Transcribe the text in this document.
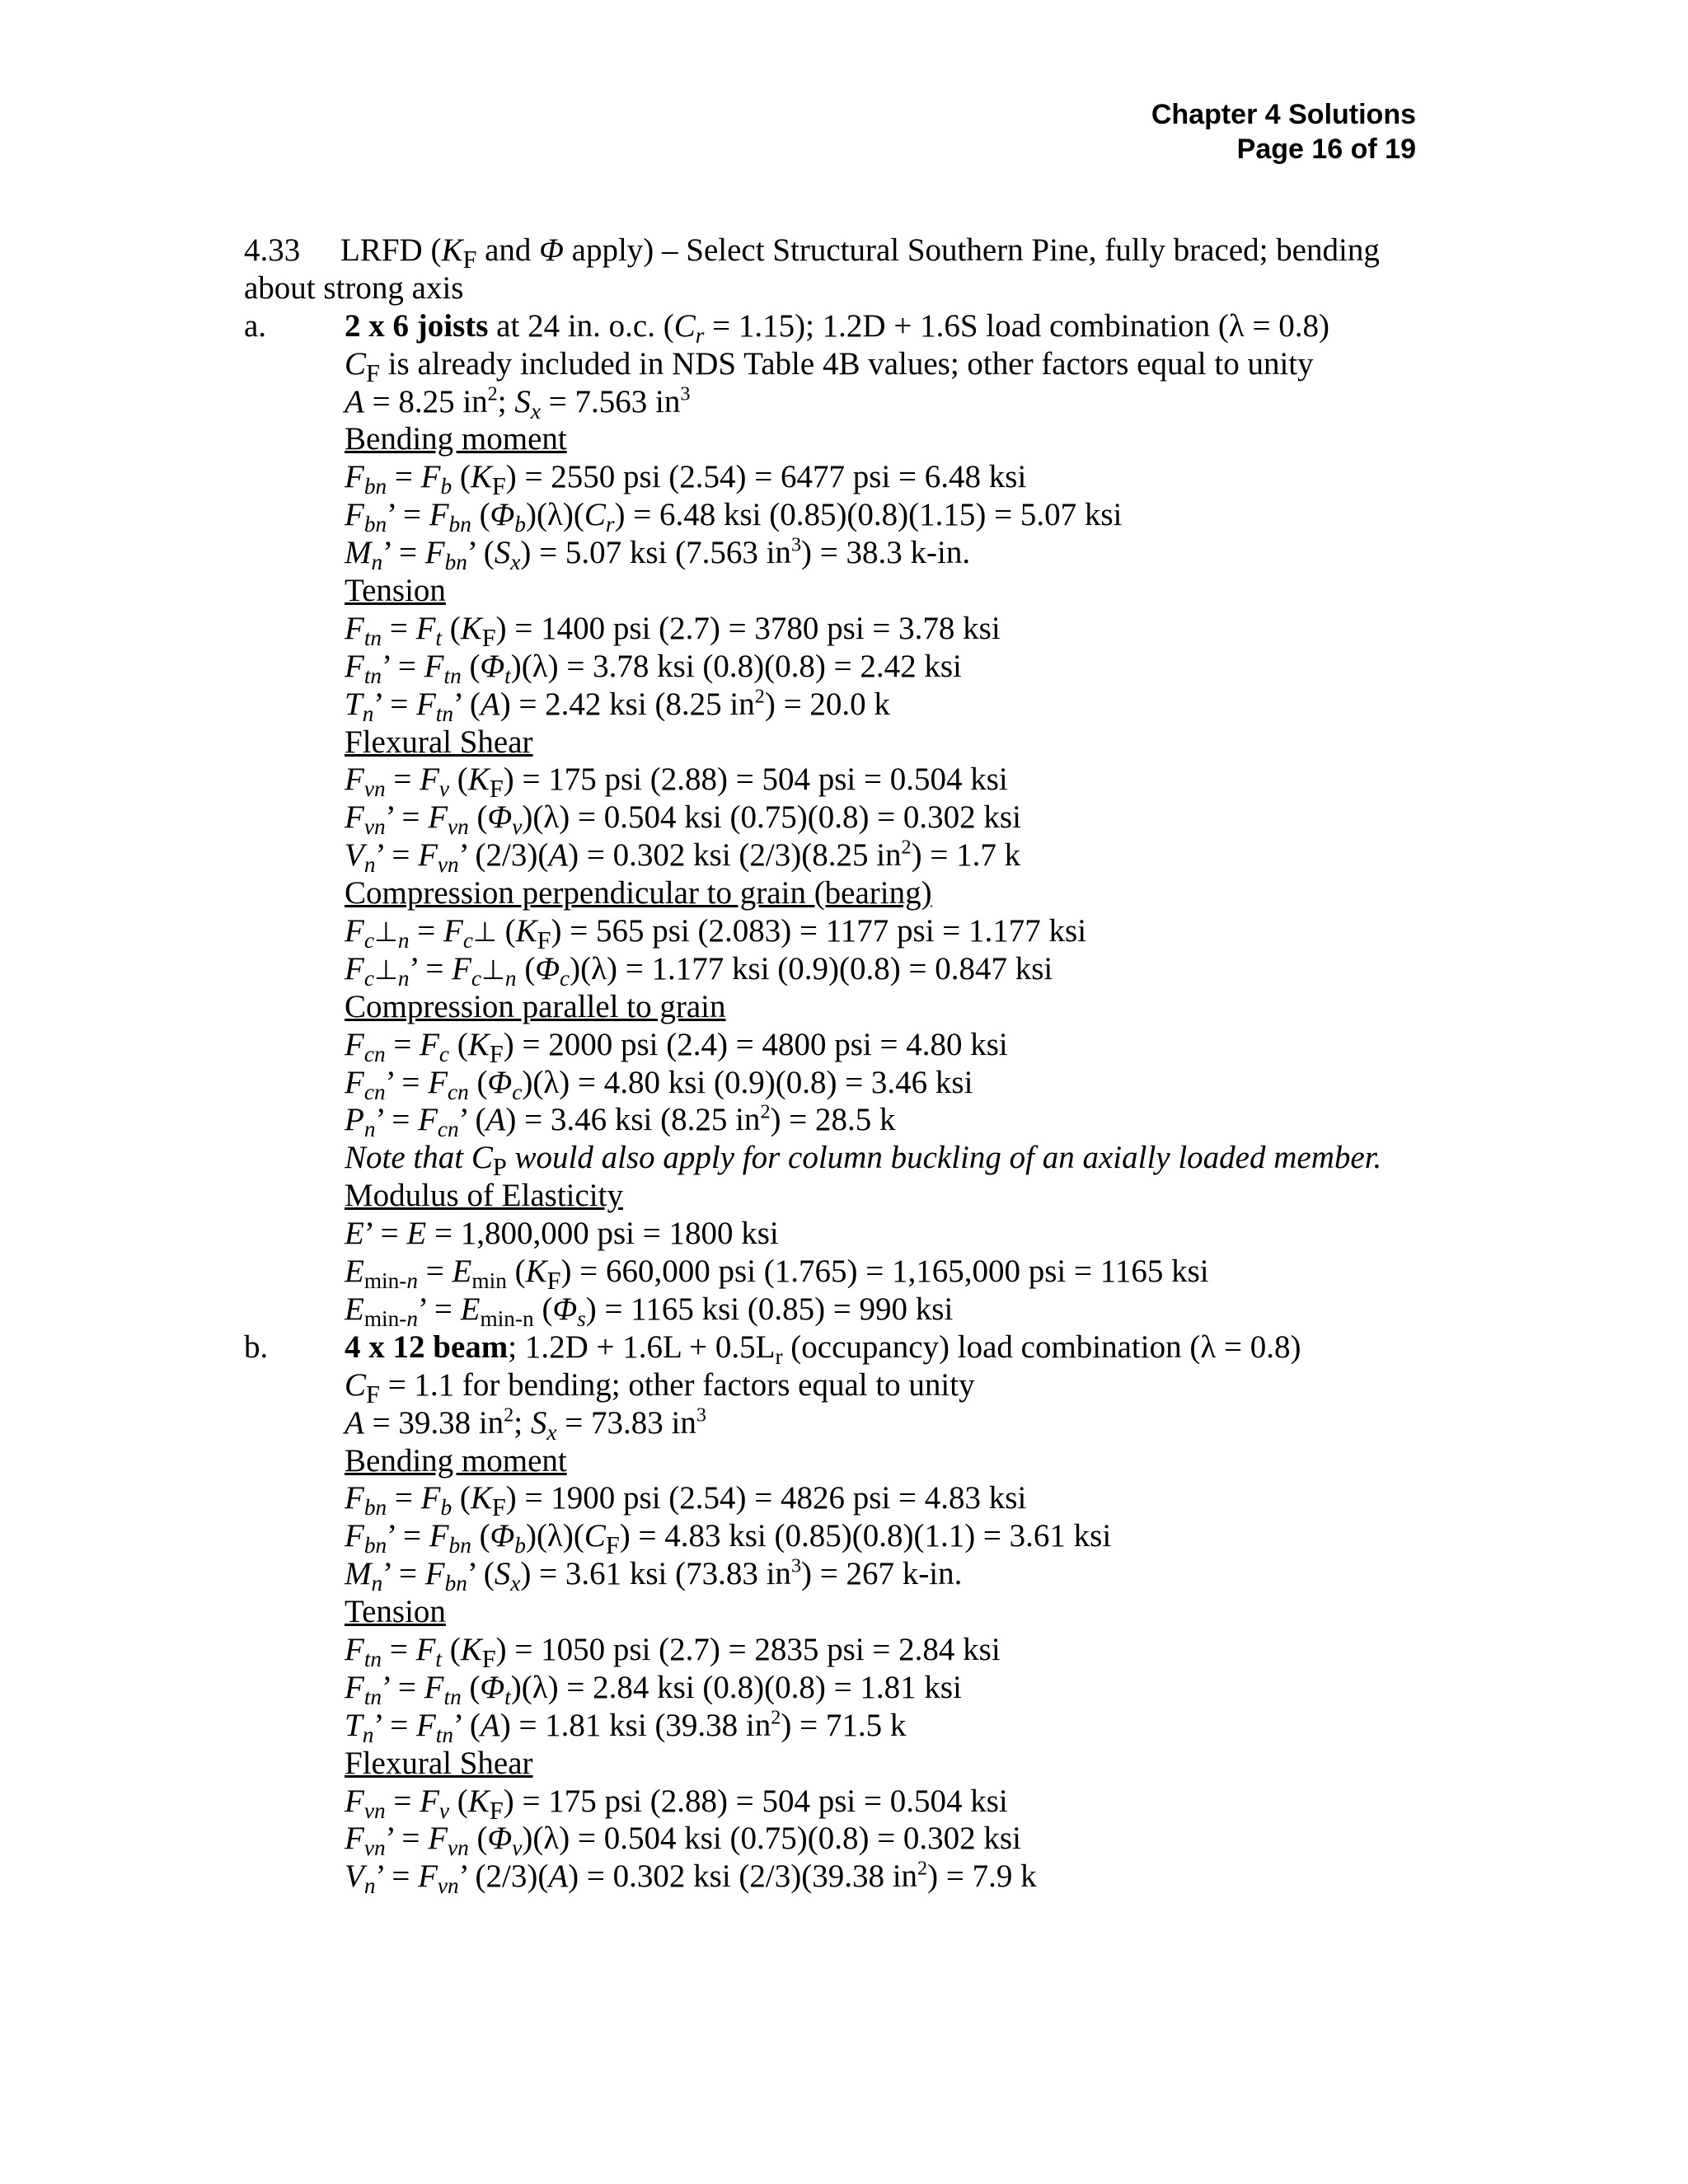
Chapter 4 Solutions
Page 16 of 19
4.33     LRFD ($K_F$ and Φ apply) – Select Structural Southern Pine, fully braced; bending
about strong axis
a. 2 x 6 joists at 24 in. o.c. $(C_r = 1.15)$; 1.2D + 1.6S load combination (λ = 0.8)
$C_F$ is already included in NDS Table 4B values; other factors equal to unity
A = 8.25 $in^2$; $S_x = 7.563$ $in^3$
Bending moment
$F_{bn} = F_b$ $(K_F) = 2550$ psi (2.54) = 6477 psi = 6.48 ksi
$F_{bn}$’ = $F_{bn}$ $(\Phi_b)(\lambda)(C_r) = 6.48$ ksi (0.85)(0.8)(1.15) = 5.07 ksi
$M_n$’ = $F_{bn}$’ $(S_x) = 5.07$ ksi (7.563 $in^3) = 38.3$ k-in.
Tension
$F_{tn} = F_t$ $(K_F) = 1400$ psi (2.7) = 3780 psi = 3.78 ksi
$F_{tn}$’ = $F_{tn}$ $(\Phi_t)(\lambda) = 3.78$ ksi (0.8)(0.8) = 2.42 ksi
$T_n$’ = $F_{tn}$’ (A) = 2.42 ksi (8.25 $in^2) = 20.0$ k
Flexural Shear
$F_{vn} = F_v$ $(K_F) = 175$ psi (2.88) = 504 psi = 0.504 ksi
$F_{vn}$’ = $F_{vn}$ $(\Phi_v)(\lambda) = 0.504$ ksi (0.75)(0.8) = 0.302 ksi
$V_n$’ = $F_{vn}$’ (2/3)(A) = 0.302 ksi (2/3)(8.25 $in^2) = 1.7$ k
Compression perpendicular to grain (bearing)
$F_c\perp_n$ = $F_c\perp$ $(K_F) = 565$ psi (2.083) = 1177 psi = 1.177 ksi
$F_c\perp_n$’ = $F_c\perp_n$ $(\Phi_c)(\lambda) = 1.177$ ksi (0.9)(0.8) = 0.847 ksi
Compression parallel to grain
$F_{cn} = F_c$ $(K_F) = 2000$ psi (2.4) = 4800 psi = 4.80 ksi
$F_{cn}$’ = $F_{cn}$ $(\Phi_c)(\lambda) = 4.80$ ksi (0.9)(0.8) = 3.46 ksi
$P_n$’ = $F_{cn}$’ (A) = 3.46 ksi (8.25 $in^2) = 28.5$ k
Note that $C_P$ would also apply for column buckling of an axially loaded member.
Modulus of Elasticity
E’ = E = 1,800,000 psi = 1800 ksi
$E_{min-n} = E_{min}$ $(K_F) = 660,000$ psi (1.765) = 1,165,000 psi = 1165 ksi
$E_{min-n}$’ = $E_{min-n}$ $(\Phi_s) = 1165$ ksi (0.85) = 990 ksi
b. 4 x 12 beam; $1.2D + 1.6L + 0.5L_r$ (occupancy) load combination (λ = 0.8)
$C_F = 1.1$ for bending; other factors equal to unity
A = 39.38 $in^2$; $S_x = 73.83$ $in^3$
Bending moment
$F_{bn} = F_b$ $(K_F) = 1900$ psi (2.54) = 4826 psi = 4.83 ksi
$F_{bn}$’ = $F_{bn}$ $(\Phi_b)(\lambda)(C_F) = 4.83$ ksi (0.85)(0.8)(1.1) = 3.61 ksi
$M_n$’ = $F_{bn}$’ $(S_x) = 3.61$ ksi (73.83 $in^3) = 267$ k-in.
Tension
$F_{tn} = F_t$ $(K_F) = 1050$ psi (2.7) = 2835 psi = 2.84 ksi
$F_{tn}$’ = $F_{tn}$ $(\Phi_t)(\lambda) = 2.84$ ksi (0.8)(0.8) = 1.81 ksi
$T_n$’ = $F_{tn}$’ (A) = 1.81 ksi (39.38 $in^2) = 71.5$ k
Flexural Shear
$F_{vn} = F_v$ $(K_F) = 175$ psi (2.88) = 504 psi = 0.504 ksi
$F_{vn}$’ = $F_{vn}$ $(\Phi_v)(\lambda) = 0.504$ ksi (0.75)(0.8) = 0.302 ksi
$V_n$’ = $F_{vn}$’ (2/3)(A) = 0.302 ksi (2/3)(39.38 $in^2) = 7.9$ k
